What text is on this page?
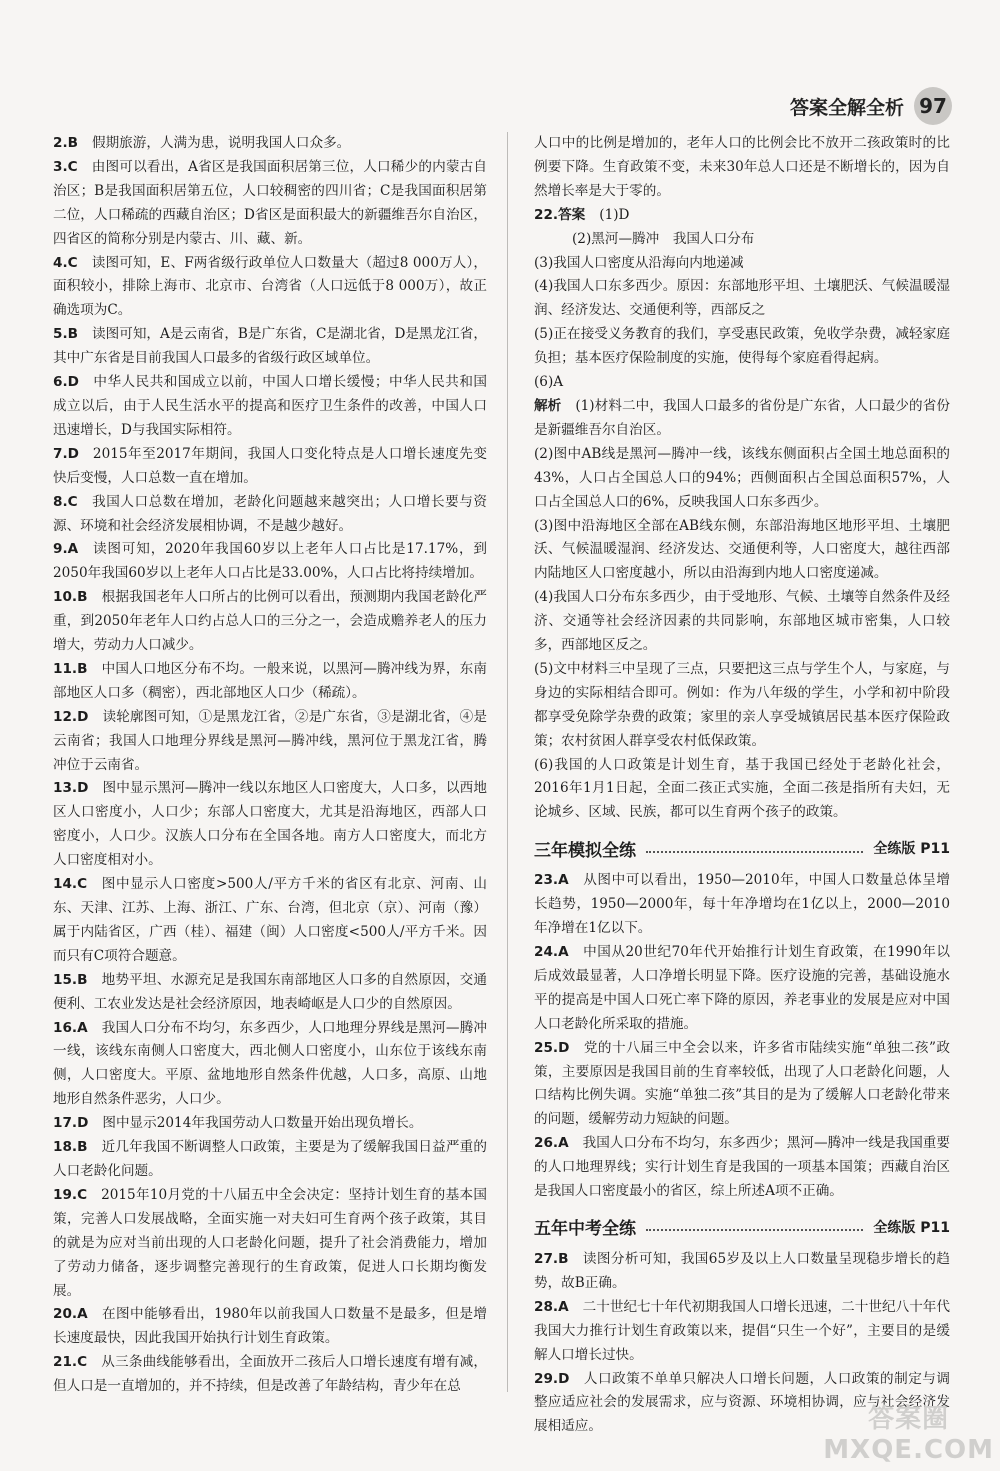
答案全解全析 97

2.B 假期旅游，人满为患，说明我国人口众多。

3.C 由图可以看出，A省区是我国面积居第三位，人口稀少的内蒙古自治区；B是我国面积居第五位，人口较稠密的四川省；C是我国面积居第二位，人口稀疏的西藏自治区；D省区是面积最大的新疆维吾尔自治区，四省区的简称分别是内蒙古、川、藏、新。

4.C 读图可知，E、F两省级行政单位人口数量大（超过8 000万人），面积较小，排除上海市、北京市、台湾省（人口远低于8 000万），故正确选项为C。

5.B 读图可知，A是云南省，B是广东省，C是湖北省，D是黑龙江省，其中广东省是目前我国人口最多的省级行政区域单位。

6.D 中华人民共和国成立以前，中国人口增长缓慢；中华人民共和国成立以后，由于人民生活水平的提高和医疗卫生条件的改善，中国人口迅速增长，D与我国实际相符。

7.D 2015年至2017年期间，我国人口变化特点是人口增长速度先变快后变慢，人口总数一直在增加。

8.C 我国人口总数在增加，老龄化问题越来越突出；人口增长要与资源、环境和社会经济发展相协调，不是越少越好。

9.A 读图可知，2020年我国60岁以上老年人口占比是17.17%，到2050年我国60岁以上老年人口占比是33.00%，人口占比将持续增加。

10.B 根据我国老年人口所占的比例可以看出，预测期内我国老龄化严重，到2050年老年人口约占总人口的三分之一，会造成赡养老人的压力增大，劳动力人口减少。

11.B 中国人口地区分布不均。一般来说，以黑河—腾冲线为界，东南部地区人口多（稠密），西北部地区人口少（稀疏）。

12.D 读轮廓图可知，①是黑龙江省，②是广东省，③是湖北省，④是云南省；我国人口地理分界线是黑河—腾冲线，黑河位于黑龙江省，腾冲位于云南省。

13.D 图中显示黑河—腾冲一线以东地区人口密度大，人口多，以西地区人口密度小，人口少；东部人口密度大，尤其是沿海地区，西部人口密度小，人口少。汉族人口分布在全国各地。南方人口密度大，而北方人口密度相对小。

14.C 图中显示人口密度>500人/平方千米的省区有北京、河南、山东、天津、江苏、上海、浙江、广东、台湾，但北京（京）、河南（豫）属于内陆省区，广西（桂）、福建（闽）人口密度<500人/平方千米。因而只有C项符合题意。

15.B 地势平坦、水源充足是我国东南部地区人口多的自然原因，交通便利、工农业发达是社会经济原因，地表崎岖是人口少的自然原因。

16.A 我国人口分布不均匀，东多西少，人口地理分界线是黑河—腾冲一线，该线东南侧人口密度大，西北侧人口密度小，山东位于该线东南侧，人口密度大。平原、盆地地形自然条件优越，人口多，高原、山地地形自然条件恶劣，人口少。

17.D 图中显示2014年我国劳动人口数量开始出现负增长。

18.B 近几年我国不断调整人口政策，主要是为了缓解我国日益严重的人口老龄化问题。

19.C 2015年10月党的十八届五中全会决定：坚持计划生育的基本国策，完善人口发展战略，全面实施一对夫妇可生育两个孩子政策，其目的就是为应对当前出现的人口老龄化问题，提升了社会消费能力，增加了劳动力储备，逐步调整完善现行的生育政策，促进人口长期均衡发展。

20.A 在图中能够看出，1980年以前我国人口数量不是最多，但是增长速度最快，因此我国开始执行计划生育政策。

21.C 从三条曲线能够看出，全面放开二孩后人口增长速度有增有减，但人口是一直增加的，并不持续，但是改善了年龄结构，青少年在总

人口中的比例是增加的，老年人口的比例会比不放开二孩政策时的比例要下降。生育政策不变，未来30年总人口还是不断增长的，因为自然增长率是大于零的。

22.答案 (1)D

(2)黑河—腾冲　我国人口分布

(3)我国人口密度从沿海向内地递减

(4)我国人口东多西少。原因：东部地形平坦、土壤肥沃、气候温暖湿润、经济发达、交通便利等，西部反之

(5)正在接受义务教育的我们，享受惠民政策，免收学杂费，减轻家庭负担；基本医疗保险制度的实施，使得每个家庭看得起病。

(6)A

解析 (1)材料二中，我国人口最多的省份是广东省，人口最少的省份是新疆维吾尔自治区。

(2)图中AB线是黑河—腾冲一线，该线东侧面积占全国土地总面积的43%，人口占全国总人口的94%；西侧面积占全国总面积57%，人口占全国总人口的6%，反映我国人口东多西少。

(3)图中沿海地区全部在AB线东侧，东部沿海地区地形平坦、土壤肥沃、气候温暖湿润、经济发达、交通便利等，人口密度大，越往西部内陆地区人口密度越小，所以由沿海到内地人口密度递减。

(4)我国人口分布东多西少，由于受地形、气候、土壤等自然条件及经济、交通等社会经济因素的共同影响，东部地区城市密集，人口较多，西部地区反之。

(5)文中材料三中呈现了三点，只要把这三点与学生个人，与家庭，与身边的实际相结合即可。例如：作为八年级的学生，小学和初中阶段都享受免除学杂费的政策；家里的亲人享受城镇居民基本医疗保险政策；农村贫困人群享受农村低保政策。

(6)我国的人口政策是计划生育，基于我国已经处于老龄化社会，2016年1月1日起，全面二孩正式实施，全面二孩是指所有夫妇，无论城乡、区域、民族，都可以生育两个孩子的政策。

三年模拟全练	全练版 P11

23.A 从图中可以看出，1950—2010年，中国人口数量总体呈增长趋势，1950—2000年，每十年净增均在1亿以上，2000—2010年净增在1亿以下。

24.A 中国从20世纪70年代开始推行计划生育政策，在1990年以后成效最显著，人口净增长明显下降。医疗设施的完善，基础设施水平的提高是中国人口死亡率下降的原因，养老事业的发展是应对中国人口老龄化所采取的措施。

25.D 党的十八届三中全会以来，许多省市陆续实施“单独二孩”政策，主要原因是我国目前的生育率较低，出现了人口老龄化问题，人口结构比例失调。实施“单独二孩”其目的是为了缓解人口老龄化带来的问题，缓解劳动力短缺的问题。

26.A 我国人口分布不均匀，东多西少；黑河—腾冲一线是我国重要的人口地理界线；实行计划生育是我国的一项基本国策；西藏自治区是我国人口密度最小的省区，综上所述A项不正确。

五年中考全练	全练版 P11

27.B 读图分析可知，我国65岁及以上人口数量呈现稳步增长的趋势，故B正确。

28.A 二十世纪七十年代初期我国人口增长迅速，二十世纪八十年代我国大力推行计划生育政策以来，提倡“只生一个好”，主要目的是缓解人口增长过快。

29.D 人口政策不单单只解决人口增长问题，人口政策的制定与调整应适应社会的发展需求，应与资源、环境相协调，应与社会经济发展相适应。	答案圈
MXQE.COM
